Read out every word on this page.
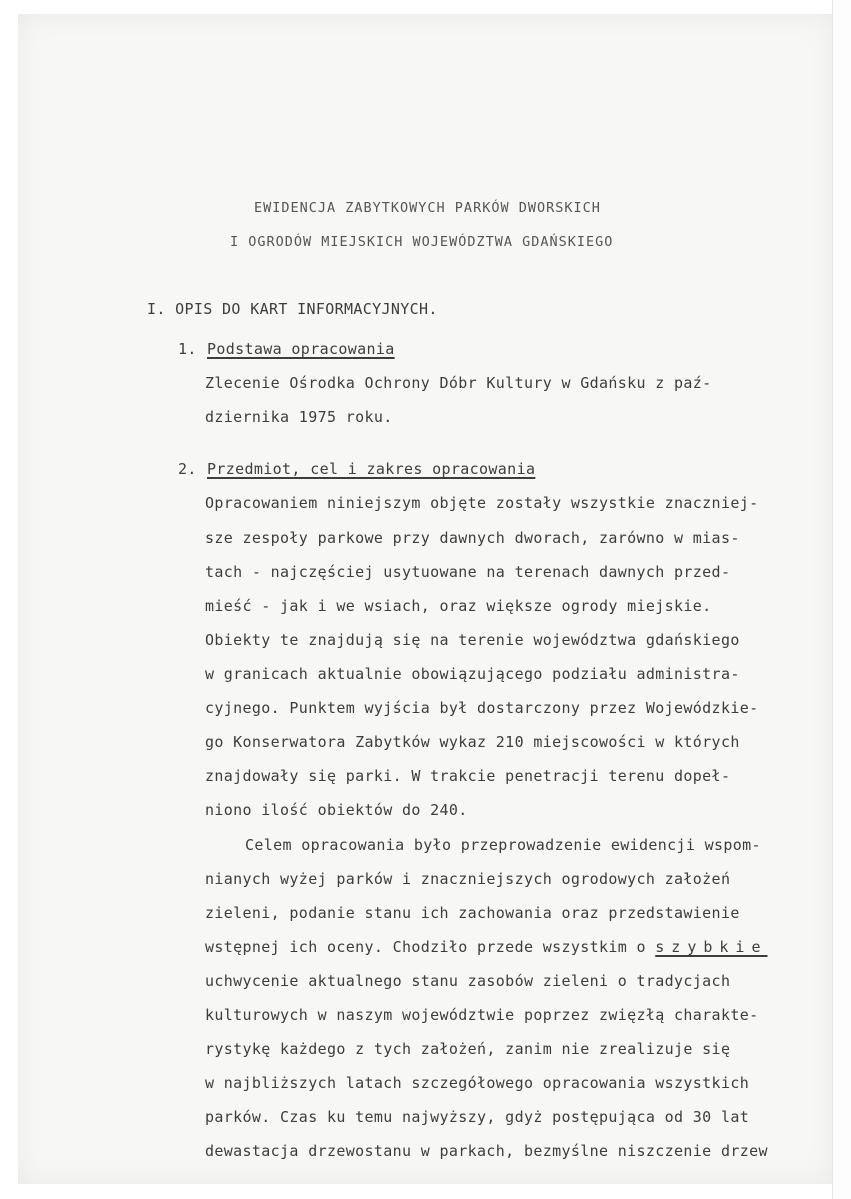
EWIDENCJA ZABYTKOWYCH PARKÓW DWORSKICH
I OGRODÓW MIEJSKICH WOJEWÓDZTWA GDAŃSKIEGO
I. OPIS DO KART INFORMACYJNYCH.
1. Podstawa opracowania
Zlecenie Ośrodka Ochrony Dóbr Kultury w Gdańsku z paź-
dziernika 1975 roku.
2. Przedmiot, cel i zakres opracowania
Opracowaniem niniejszym objęte zostały wszystkie znaczniej-
sze zespoły parkowe przy dawnych dworach, zarówno w mias-
tach - najczęściej usytuowane na terenach dawnych przed-
mieść - jak i we wsiach, oraz większe ogrody miejskie.
Obiekty te znajdują się na terenie województwa gdańskiego
w granicach aktualnie obowiązującego podziału administra-
cyjnego. Punktem wyjścia był dostarczony przez Wojewódzkie-
go Konserwatora Zabytków wykaz 210 miejscowości w których
znajdowały się parki. W trakcie penetracji terenu dopeł-
niono ilość obiektów do 240.
Celem opracowania było przeprowadzenie ewidencji wspom-
nianych wyżej parków i znaczniejszych ogrodowych założeń
zieleni, podanie stanu ich zachowania oraz przedstawienie
wstępnej ich oceny. Chodziło przede wszystkim o szybkie
uchwycenie aktualnego stanu zasobów zieleni o tradycjach
kulturowych w naszym województwie poprzez zwięzłą charakte-
rystykę każdego z tych założeń, zanim nie zrealizuje się
w najbliższych latach szczegółowego opracowania wszystkich
parków. Czas ku temu najwyższy, gdyż postępująca od 30 lat
dewastacja drzewostanu w parkach, bezmyślne niszczenie drzew
